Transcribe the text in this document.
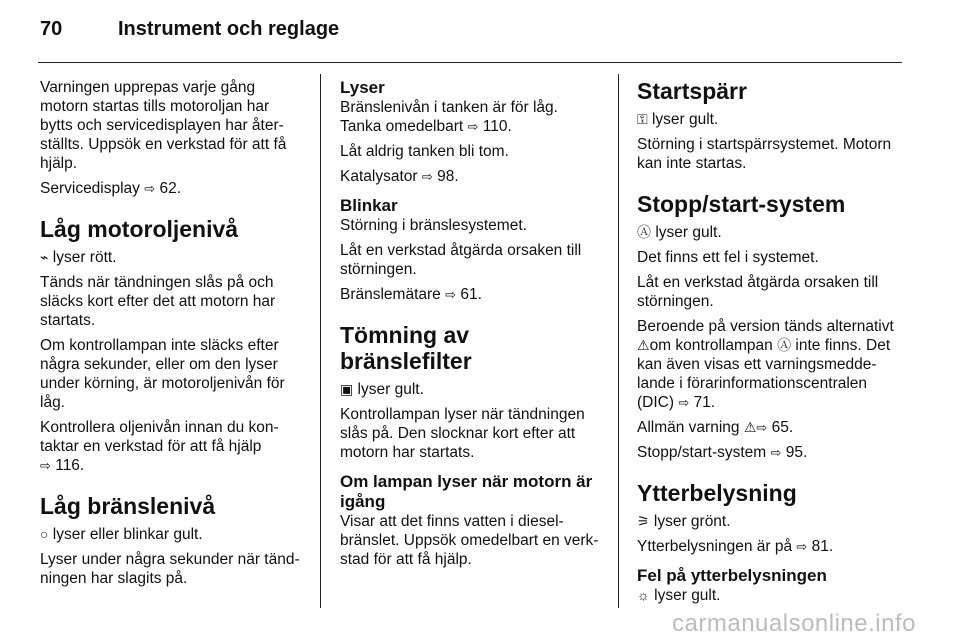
70	Instrument och reglage

Varningen upprepas varje gång motorn startas tills motoroljan har bytts och servicedisplayen har åter-ställts. Uppsök en verkstad för att få hjälp.

Servicedisplay ⇨ 62.

Låg motoroljenivå

⌁ lyser rött.

Tänds när tändningen slås på och släcks kort efter det att motorn har startats.

Om kontrollampan inte släcks efter några sekunder, eller om den lyser under körning, är motoroljenivån för låg.

Kontrollera oljenivån innan du kon-taktar en verkstad för att få hjälp
⇨ 116.

Låg bränslenivå

○ lyser eller blinkar gult.

Lyser under några sekunder när tänd-ningen har slagits på.

Lyser

Bränslenivån i tanken är för låg. Tanka omedelbart ⇨ 110.

Låt aldrig tanken bli tom.

Katalysator ⇨ 98.

Blinkar

Störning i bränslesystemet.

Låt en verkstad åtgärda orsaken till störningen.

Bränslemätare ⇨ 61.

Tömning av bränslefilter

▣ lyser gult.

Kontrollampan lyser när tändningen slås på. Den slocknar kort efter att motorn har startats.

Om lampan lyser när motorn är igång

Visar att det finns vatten i diesel-bränslet. Uppsök omedelbart en verk-stad för att få hjälp.

Startspärr

⚿ lyser gult.

Störning i startspärrsystemet. Motorn kan inte startas.

Stopp/start-system

Ⓐ lyser gult.

Det finns ett fel i systemet.

Låt en verkstad åtgärda orsaken till störningen.

Beroende på version tänds alternativt ⚠om kontrollampan Ⓐ inte finns. Det kan även visas ett varningsmedde-lande i förarinformationscentralen (DIC) ⇨ 71.

Allmän varning ⚠⇨ 65.

Stopp/start-system ⇨ 95.

Ytterbelysning

⚞ lyser grönt.

Ytterbelysningen är på ⇨ 81.

Fel på ytterbelysningen

☼ lyser gult.

carmanualsonline.info
